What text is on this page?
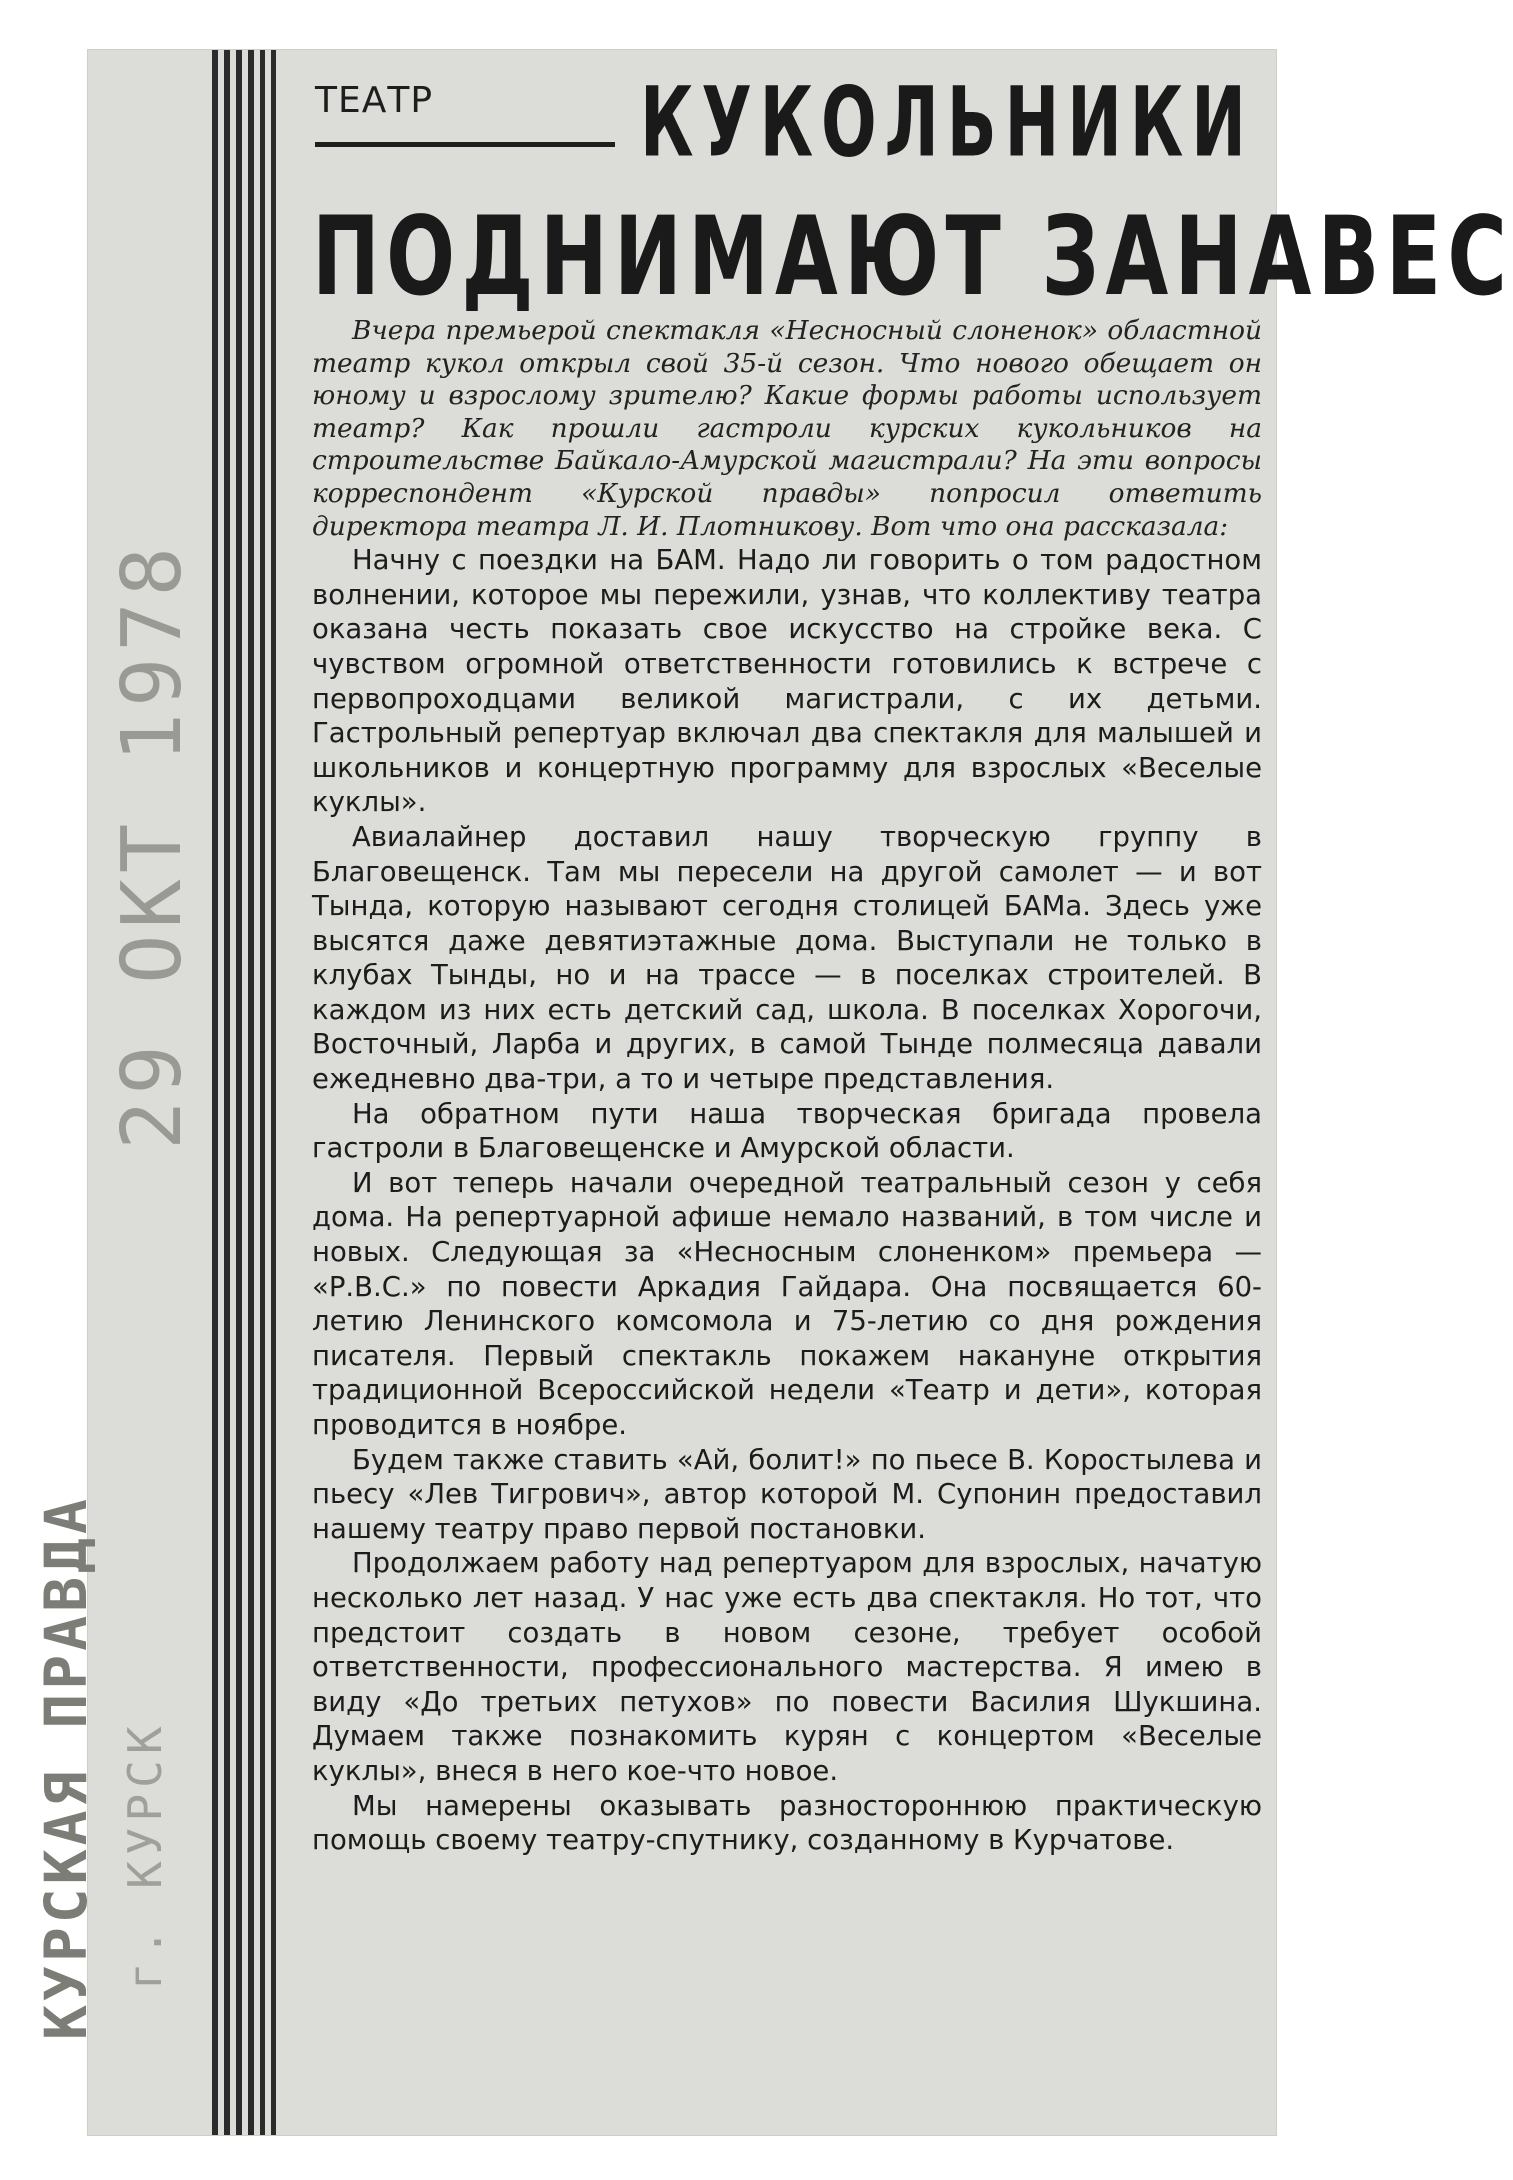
29 ОКТ 1978
КУРСКАЯ ПРАВДА г. КУРСК
ТЕАТР КУКОЛЬНИКИ
ПОДНИМАЮТ ЗАНАВЕС

Вчера премьерой спектакля «Несносный слоненок» областной театр кукол открыл свой 35-й сезон. Что нового обещает он юному и взрослому зрителю? Какие формы работы использует театр? Как прошли гастроли курских кукольников на строительстве Байкало-Амурской магистрали? На эти вопросы корреспондент «Курской правды» попросил ответить директора театра Л. И. Плотникову. Вот что она рассказала:

Начну с поездки на БАМ. Надо ли говорить о том радостном волнении, которое мы пережили, узнав, что коллективу театра оказана честь показать свое искусство на стройке века. С чувством огромной ответственности готовились к встрече с первопроходцами великой магистрали, с их детьми. Гастрольный репертуар включал два спектакля для малышей и школьников и концертную программу для взрослых «Веселые куклы».

Авиалайнер доставил нашу творческую группу в Благовещенск. Там мы пересели на другой самолет — и вот Тында, которую называют сегодня столицей БАМа. Здесь уже высятся даже девятиэтажные дома. Выступали не только в клубах Тынды, но и на трассе — в поселках строителей. В каждом из них есть детский сад, школа. В поселках Хорогочи, Восточный, Ларба и других, в самой Тынде полмесяца давали ежедневно два-три, а то и четыре представления.

На обратном пути наша творческая бригада провела гастроли в Благовещенске и Амурской области.

И вот теперь начали очередной театральный сезон у себя дома. На репертуарной афише немало названий, в том числе и новых. Следующая за «Несносным слоненком» премьера — «Р.В.С.» по повести Аркадия Гайдара. Она посвящается 60-летию Ленинского комсомола и 75-летию со дня рождения писателя. Первый спектакль покажем накануне открытия традиционной Всероссийской недели «Театр и дети», которая проводится в ноябре.

Будем также ставить «Ай, болит!» по пьесе В. Коростылева и пьесу «Лев Тигрович», автор которой М. Супонин предоставил нашему театру право первой постановки.

Продолжаем работу над репертуаром для взрослых, начатую несколько лет назад. У нас уже есть два спектакля. Но тот, что предстоит создать в новом сезоне, требует особой ответственности, профессионального мастерства. Я имею в виду «До третьих петухов» по повести Василия Шукшина. Думаем также познакомить курян с концертом «Веселые куклы», внеся в него кое-что новое.

Мы намерены оказывать разностороннюю практическую помощь своему театру-спутнику, созданному в Курчатове.
